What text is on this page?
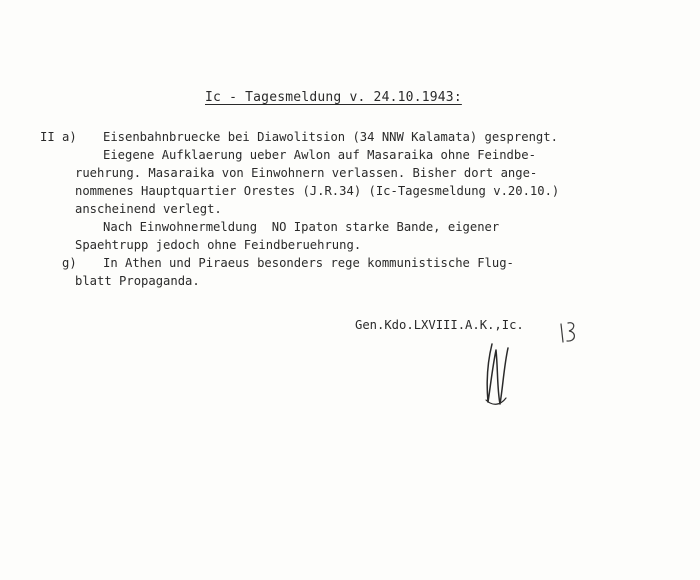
Ic - Tagesmeldung v. 24.10.1943:
II a) Eisenbahnbruecke bei Diawolitsion (34 NNW Kalamata) gesprengt.
Eiegene Aufklaerung ueber Awlon auf Masaraika ohne Feindbe-
ruehrung. Masaraika von Einwohnern verlassen. Bisher dort ange-
nommenes Hauptquartier Orestes (J.R.34) (Ic-Tagesmeldung v.20.10.)
anscheinend verlegt.
Nach Einwohnermeldung  NO Ipaton starke Bande, eigener
Spaehtrupp jedoch ohne Feindberuehrung.
g) In Athen und Piraeus besonders rege kommunistische Flug-
blatt Propaganda.
Gen.Kdo.LXVIII.A.K.,Ic.
